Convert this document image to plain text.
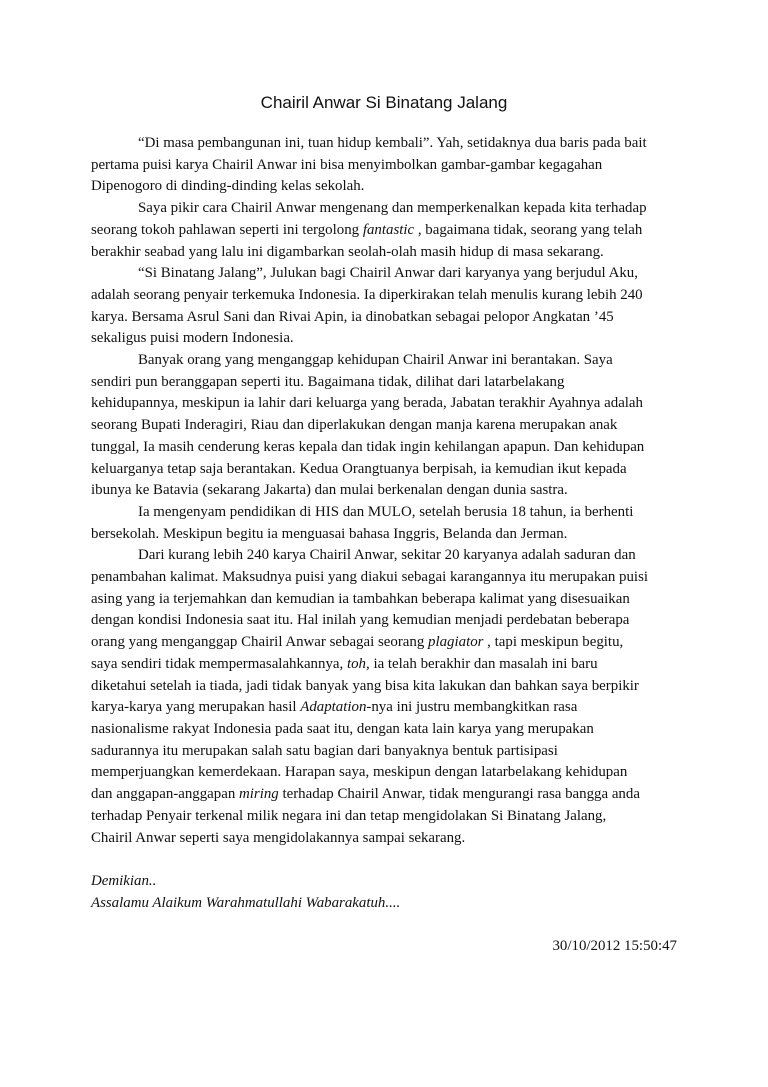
Chairil Anwar Si Binatang Jalang
“Di masa pembangunan ini, tuan hidup kembali”. Yah, setidaknya dua baris pada bait
pertama puisi karya Chairil Anwar ini bisa menyimbolkan gambar-gambar kegagahan
Dipenogoro di dinding-dinding kelas sekolah.
Saya pikir cara Chairil Anwar mengenang dan memperkenalkan kepada kita terhadap
seorang tokoh pahlawan seperti ini tergolong fantastic , bagaimana tidak, seorang yang telah
berakhir seabad yang lalu ini digambarkan seolah-olah masih hidup di masa sekarang.
“Si Binatang Jalang”, Julukan bagi Chairil Anwar dari karyanya yang berjudul Aku,
adalah seorang penyair terkemuka Indonesia. Ia diperkirakan telah menulis kurang lebih 240
karya. Bersama Asrul Sani dan Rivai Apin, ia dinobatkan sebagai pelopor Angkatan ’45
sekaligus puisi modern Indonesia.
Banyak orang yang menganggap kehidupan Chairil Anwar ini berantakan. Saya
sendiri pun beranggapan seperti itu. Bagaimana tidak, dilihat dari latarbelakang
kehidupannya, meskipun ia lahir dari keluarga yang berada, Jabatan terakhir Ayahnya adalah
seorang Bupati Inderagiri, Riau dan diperlakukan dengan manja karena merupakan anak
tunggal, Ia masih cenderung keras kepala dan tidak ingin kehilangan apapun. Dan kehidupan
keluarganya tetap saja berantakan. Kedua Orangtuanya berpisah, ia kemudian ikut kepada
ibunya ke Batavia (sekarang Jakarta) dan mulai berkenalan dengan dunia sastra.
Ia mengenyam pendidikan di HIS dan MULO, setelah berusia 18 tahun, ia berhenti
bersekolah. Meskipun begitu ia menguasai bahasa Inggris, Belanda dan Jerman.
Dari kurang lebih 240 karya Chairil Anwar, sekitar 20 karyanya adalah saduran dan
penambahan kalimat. Maksudnya puisi yang diakui sebagai karangannya itu merupakan puisi
asing yang ia terjemahkan dan kemudian ia tambahkan beberapa kalimat yang disesuaikan
dengan kondisi Indonesia saat itu. Hal inilah yang kemudian menjadi perdebatan beberapa
orang yang menganggap Chairil Anwar sebagai seorang plagiator , tapi meskipun begitu,
saya sendiri tidak mempermasalahkannya, toh, ia telah berakhir dan masalah ini baru
diketahui setelah ia tiada, jadi tidak banyak yang bisa kita lakukan dan bahkan saya berpikir
karya-karya yang merupakan hasil Adaptation-nya ini justru membangkitkan rasa
nasionalisme rakyat Indonesia pada saat itu, dengan kata lain karya yang merupakan
sadurannya itu merupakan salah satu bagian dari banyaknya bentuk partisipasi
memperjuangkan kemerdekaan. Harapan saya, meskipun dengan latarbelakang kehidupan
dan anggapan-anggapan miring terhadap Chairil Anwar, tidak mengurangi rasa bangga anda
terhadap Penyair terkenal milik negara ini dan tetap mengidolakan Si Binatang Jalang,
Chairil Anwar seperti saya mengidolakannya sampai sekarang.
Demikian..
Assalamu Alaikum Warahmatullahi Wabarakatuh....
30/10/2012 15:50:47
